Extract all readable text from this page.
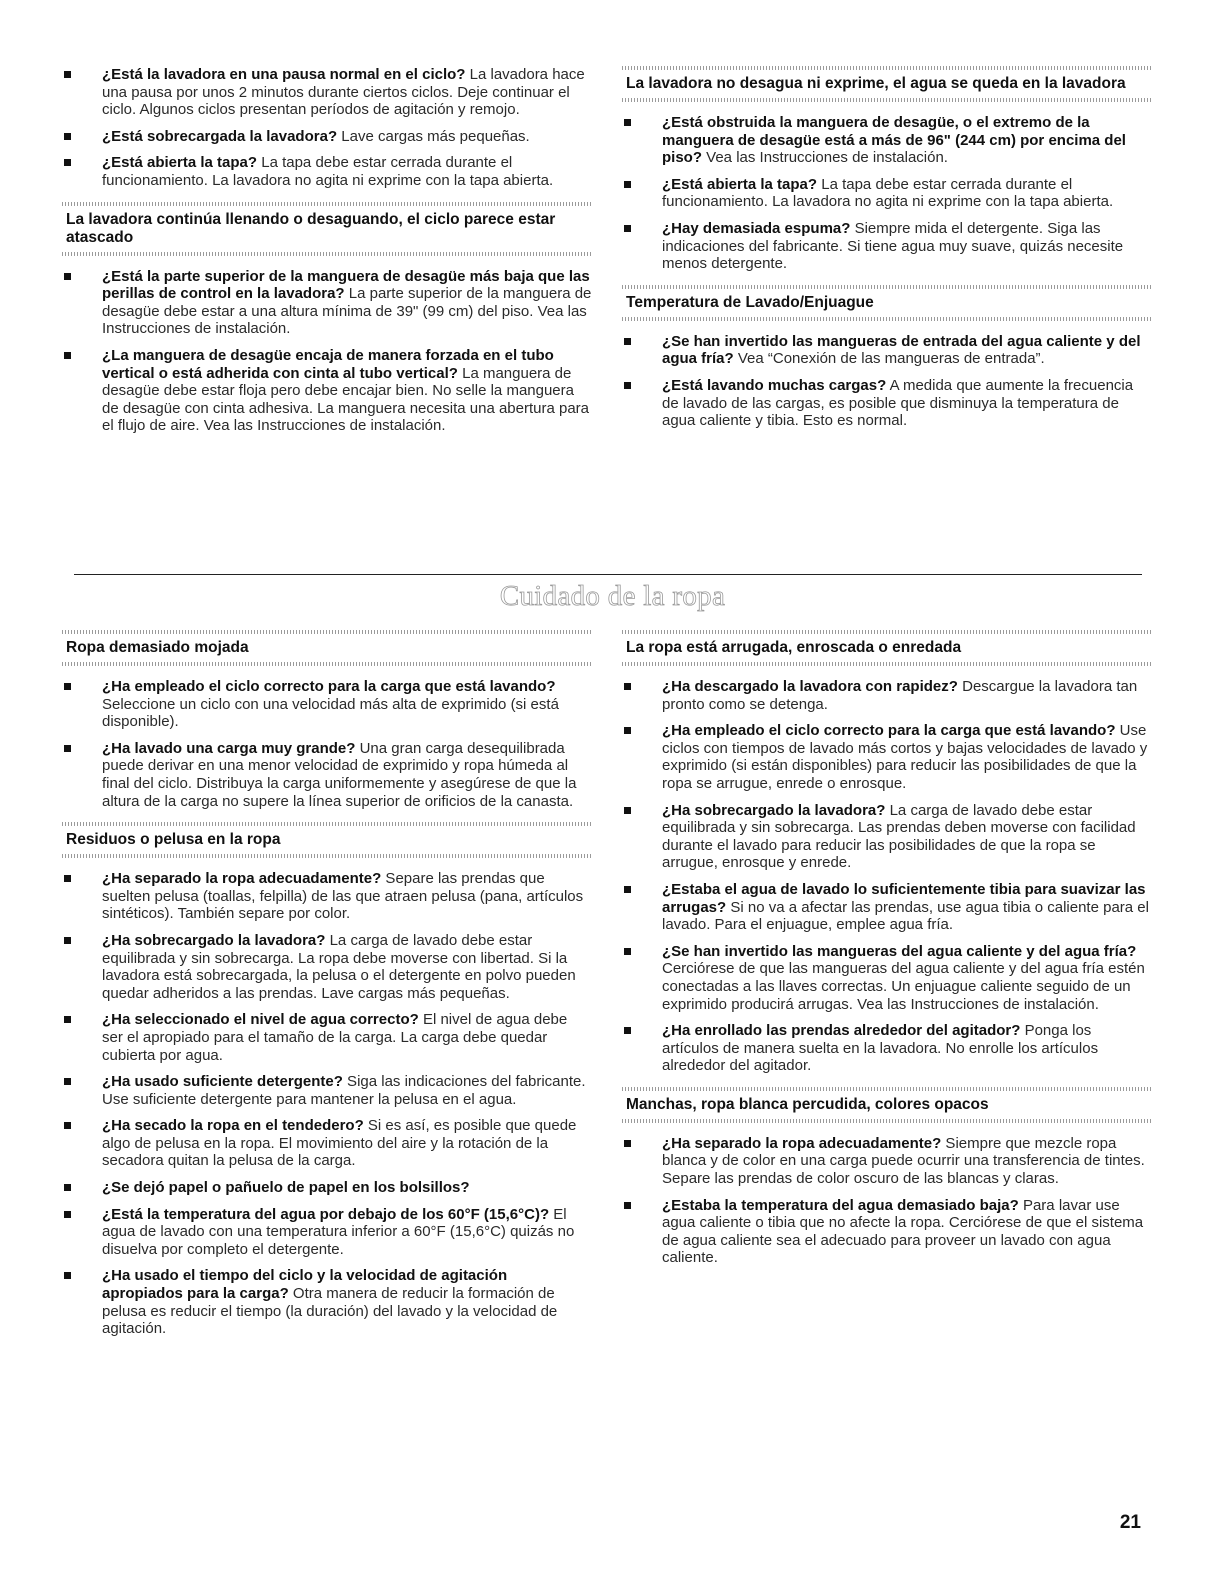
¿Está la lavadora en una pausa normal en el ciclo? La lavadora hace una pausa por unos 2 minutos durante ciertos ciclos. Deje continuar el ciclo. Algunos ciclos presentan períodos de agitación y remojo.
¿Está sobrecargada la lavadora? Lave cargas más pequeñas.
¿Está abierta la tapa? La tapa debe estar cerrada durante el funcionamiento. La lavadora no agita ni exprime con la tapa abierta.
La lavadora continúa llenando o desaguando, el ciclo parece estar atascado
¿Está la parte superior de la manguera de desagüe más baja que las perillas de control en la lavadora? La parte superior de la manguera de desagüe debe estar a una altura mínima de 39" (99 cm) del piso. Vea las Instrucciones de instalación.
¿La manguera de desagüe encaja de manera forzada en el tubo vertical o está adherida con cinta al tubo vertical? La manguera de desagüe debe estar floja pero debe encajar bien. No selle la manguera de desagüe con cinta adhesiva. La manguera necesita una abertura para el flujo de aire. Vea las Instrucciones de instalación.
La lavadora no desagua ni exprime, el agua se queda en la lavadora
¿Está obstruida la manguera de desagüe, o el extremo de la manguera de desagüe está a más de 96" (244 cm) por encima del piso? Vea las Instrucciones de instalación.
¿Está abierta la tapa? La tapa debe estar cerrada durante el funcionamiento. La lavadora no agita ni exprime con la tapa abierta.
¿Hay demasiada espuma? Siempre mida el detergente. Siga las indicaciones del fabricante. Si tiene agua muy suave, quizás necesite menos detergente.
Temperatura de Lavado/Enjuague
¿Se han invertido las mangueras de entrada del agua caliente y del agua fría? Vea “Conexión de las mangueras de entrada”.
¿Está lavando muchas cargas? A medida que aumente la frecuencia de lavado de las cargas, es posible que disminuya la temperatura de agua caliente y tibia. Esto es normal.
Cuidado de la ropa
Ropa demasiado mojada
¿Ha empleado el ciclo correcto para la carga que está lavando? Seleccione un ciclo con una velocidad más alta de exprimido (si está disponible).
¿Ha lavado una carga muy grande? Una gran carga desequilibrada puede derivar en una menor velocidad de exprimido y ropa húmeda al final del ciclo. Distribuya la carga uniformemente y asegúrese de que la altura de la carga no supere la línea superior de orificios de la canasta.
Residuos o pelusa en la ropa
¿Ha separado la ropa adecuadamente? Separe las prendas que suelten pelusa (toallas, felpilla) de las que atraen pelusa (pana, artículos sintéticos). También separe por color.
¿Ha sobrecargado la lavadora? La carga de lavado debe estar equilibrada y sin sobrecarga. La ropa debe moverse con libertad. Si la lavadora está sobrecargada, la pelusa o el detergente en polvo pueden quedar adheridos a las prendas. Lave cargas más pequeñas.
¿Ha seleccionado el nivel de agua correcto? El nivel de agua debe ser el apropiado para el tamaño de la carga. La carga debe quedar cubierta por agua.
¿Ha usado suficiente detergente? Siga las indicaciones del fabricante. Use suficiente detergente para mantener la pelusa en el agua.
¿Ha secado la ropa en el tendedero? Si es así, es posible que quede algo de pelusa en la ropa. El movimiento del aire y la rotación de la secadora quitan la pelusa de la carga.
¿Se dejó papel o pañuelo de papel en los bolsillos?
¿Está la temperatura del agua por debajo de los 60°F (15,6°C)? El agua de lavado con una temperatura inferior a 60°F (15,6°C) quizás no disuelva por completo el detergente.
¿Ha usado el tiempo del ciclo y la velocidad de agitación apropiados para la carga? Otra manera de reducir la formación de pelusa es reducir el tiempo (la duración) del lavado y la velocidad de agitación.
La ropa está arrugada, enroscada o enredada
¿Ha descargado la lavadora con rapidez? Descargue la lavadora tan pronto como se detenga.
¿Ha empleado el ciclo correcto para la carga que está lavando? Use ciclos con tiempos de lavado más cortos y bajas velocidades de lavado y exprimido (si están disponibles) para reducir las posibilidades de que la ropa se arrugue, enrede o enrosque.
¿Ha sobrecargado la lavadora? La carga de lavado debe estar equilibrada y sin sobrecarga. Las prendas deben moverse con facilidad durante el lavado para reducir las posibilidades de que la ropa se arrugue, enrosque y enrede.
¿Estaba el agua de lavado lo suficientemente tibia para suavizar las arrugas? Si no va a afectar las prendas, use agua tibia o caliente para el lavado. Para el enjuague, emplee agua fría.
¿Se han invertido las mangueras del agua caliente y del agua fría? Cerciórese de que las mangueras del agua caliente y del agua fría estén conectadas a las llaves correctas. Un enjuague caliente seguido de un exprimido producirá arrugas. Vea las Instrucciones de instalación.
¿Ha enrollado las prendas alrededor del agitador? Ponga los artículos de manera suelta en la lavadora. No enrolle los artículos alrededor del agitador.
Manchas, ropa blanca percudida, colores opacos
¿Ha separado la ropa adecuadamente? Siempre que mezcle ropa blanca y de color en una carga puede ocurrir una transferencia de tintes. Separe las prendas de color oscuro de las blancas y claras.
¿Estaba la temperatura del agua demasiado baja? Para lavar use agua caliente o tibia que no afecte la ropa. Cerciórese de que el sistema de agua caliente sea el adecuado para proveer un lavado con agua caliente.
21
